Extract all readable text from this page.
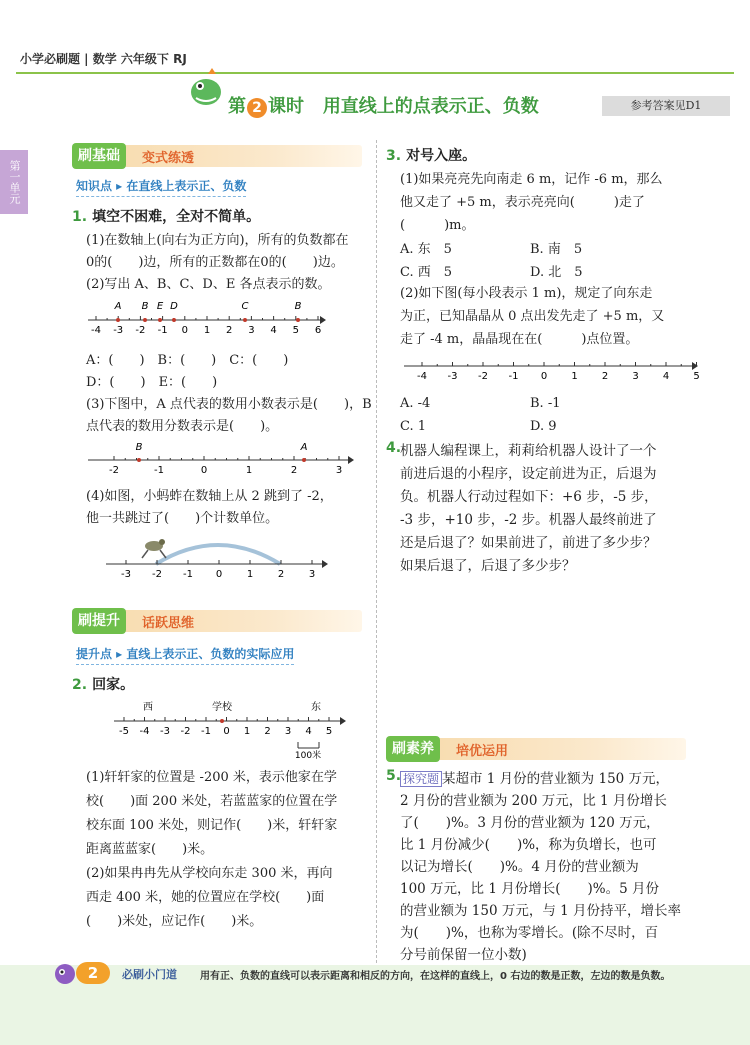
小学必刷题 | 数学 六年级下 RJ
第 2 课时 用直线上的点表示正、负数	参考答案见D1
第一单元
刷基础	变式练透
知识点 ▸ 在直线上表示正、负数
1. 填空不困难，全对不简单。
(1)在数轴上(向右为正方向)，所有的负数都在
0的(　　)边，所有的正数都在0的(　　)边。
(2)写出 A、B、C、D、E 各点表示的数。
-4 -3 -2 -1 0 1 2 3 4 5 6
A B E D	C	B
A：(　　)　B：(　　)　C：(　　)
D：(　　)　E：(　　)
(3)下图中，A 点代表的数用小数表示是(　　)，B
点代表的数用分数表示是(　　)。
-2	-1	0	1	2	3
B	A
(4)如图，小蚂蚱在数轴上从 2 跳到了 -2，
他一共跳过了(　　)个计数单位。
-3 -2 -1 0 1 2 3
刷提升	话跃思维
提升点 ▸ 直线上表示正、负数的实际应用
2. 回家。
西	学校	东
-5 -4 -3 -2 -1 0 1 2 3 4 5
100米
(1)轩轩家的位置是 -200 米，表示他家在学
校(　　)面 200 米处，若蓝蓝家的位置在学
校东面 100 米处，则记作(　　)米，轩轩家
距离蓝蓝家(　　)米。
(2)如果冉冉先从学校向东走 300 米，再向
西走 400 米，她的位置应在学校(　　)面
(　　)米处，应记作(　　)米。
3. 对号入座。
(1)如果亮亮先向南走 6 m，记作 -6 m，那么
他又走了 +5 m，表示亮亮向(　　　)走了
(　　　)m。
A. 东　5	B. 南　5
C. 西　5	D. 北　5
(2)如下图(每小段表示 1 m)，规定了向东走
为正，已知晶晶从 0 点出发先走了 +5 m，又
走了 -4 m，晶晶现在在(　　　)点位置。
-4 -3 -2 -1 0 1 2 3 4 5
A. -4	B. -1
C. 1	D. 9
4.
机器人编程课上，莉莉给机器人设计了一个
前进后退的小程序，设定前进为正，后退为
负。机器人行动过程如下：+6 步，-5 步，
-3 步，+10 步，-2 步。机器人最终前进了
还是后退了？如果前进了，前进了多少步？
如果后退了，后退了多少步？
刷素养	培优运用
5. 探究题 某超市 1 月份的营业额为 150 万元，
2 月份的营业额为 200 万元，比 1 月份增长
了(　　)%。3 月份的营业额为 120 万元，
比 1 月份减少(　　)%，称为负增长，也可
以记为增长(　　)%。4 月份的营业额为
100 万元，比 1 月份增长(　　)%。5 月份
的营业额为 150 万元，与 1 月份持平，增长率
为(　　)%，也称为零增长。(除不尽时，百
分号前保留一位小数)
2	必刷小门道 用有正、负数的直线可以表示距离和相反的方向，在这样的直线上，0 右边的数是正数，左边的数是负数。
